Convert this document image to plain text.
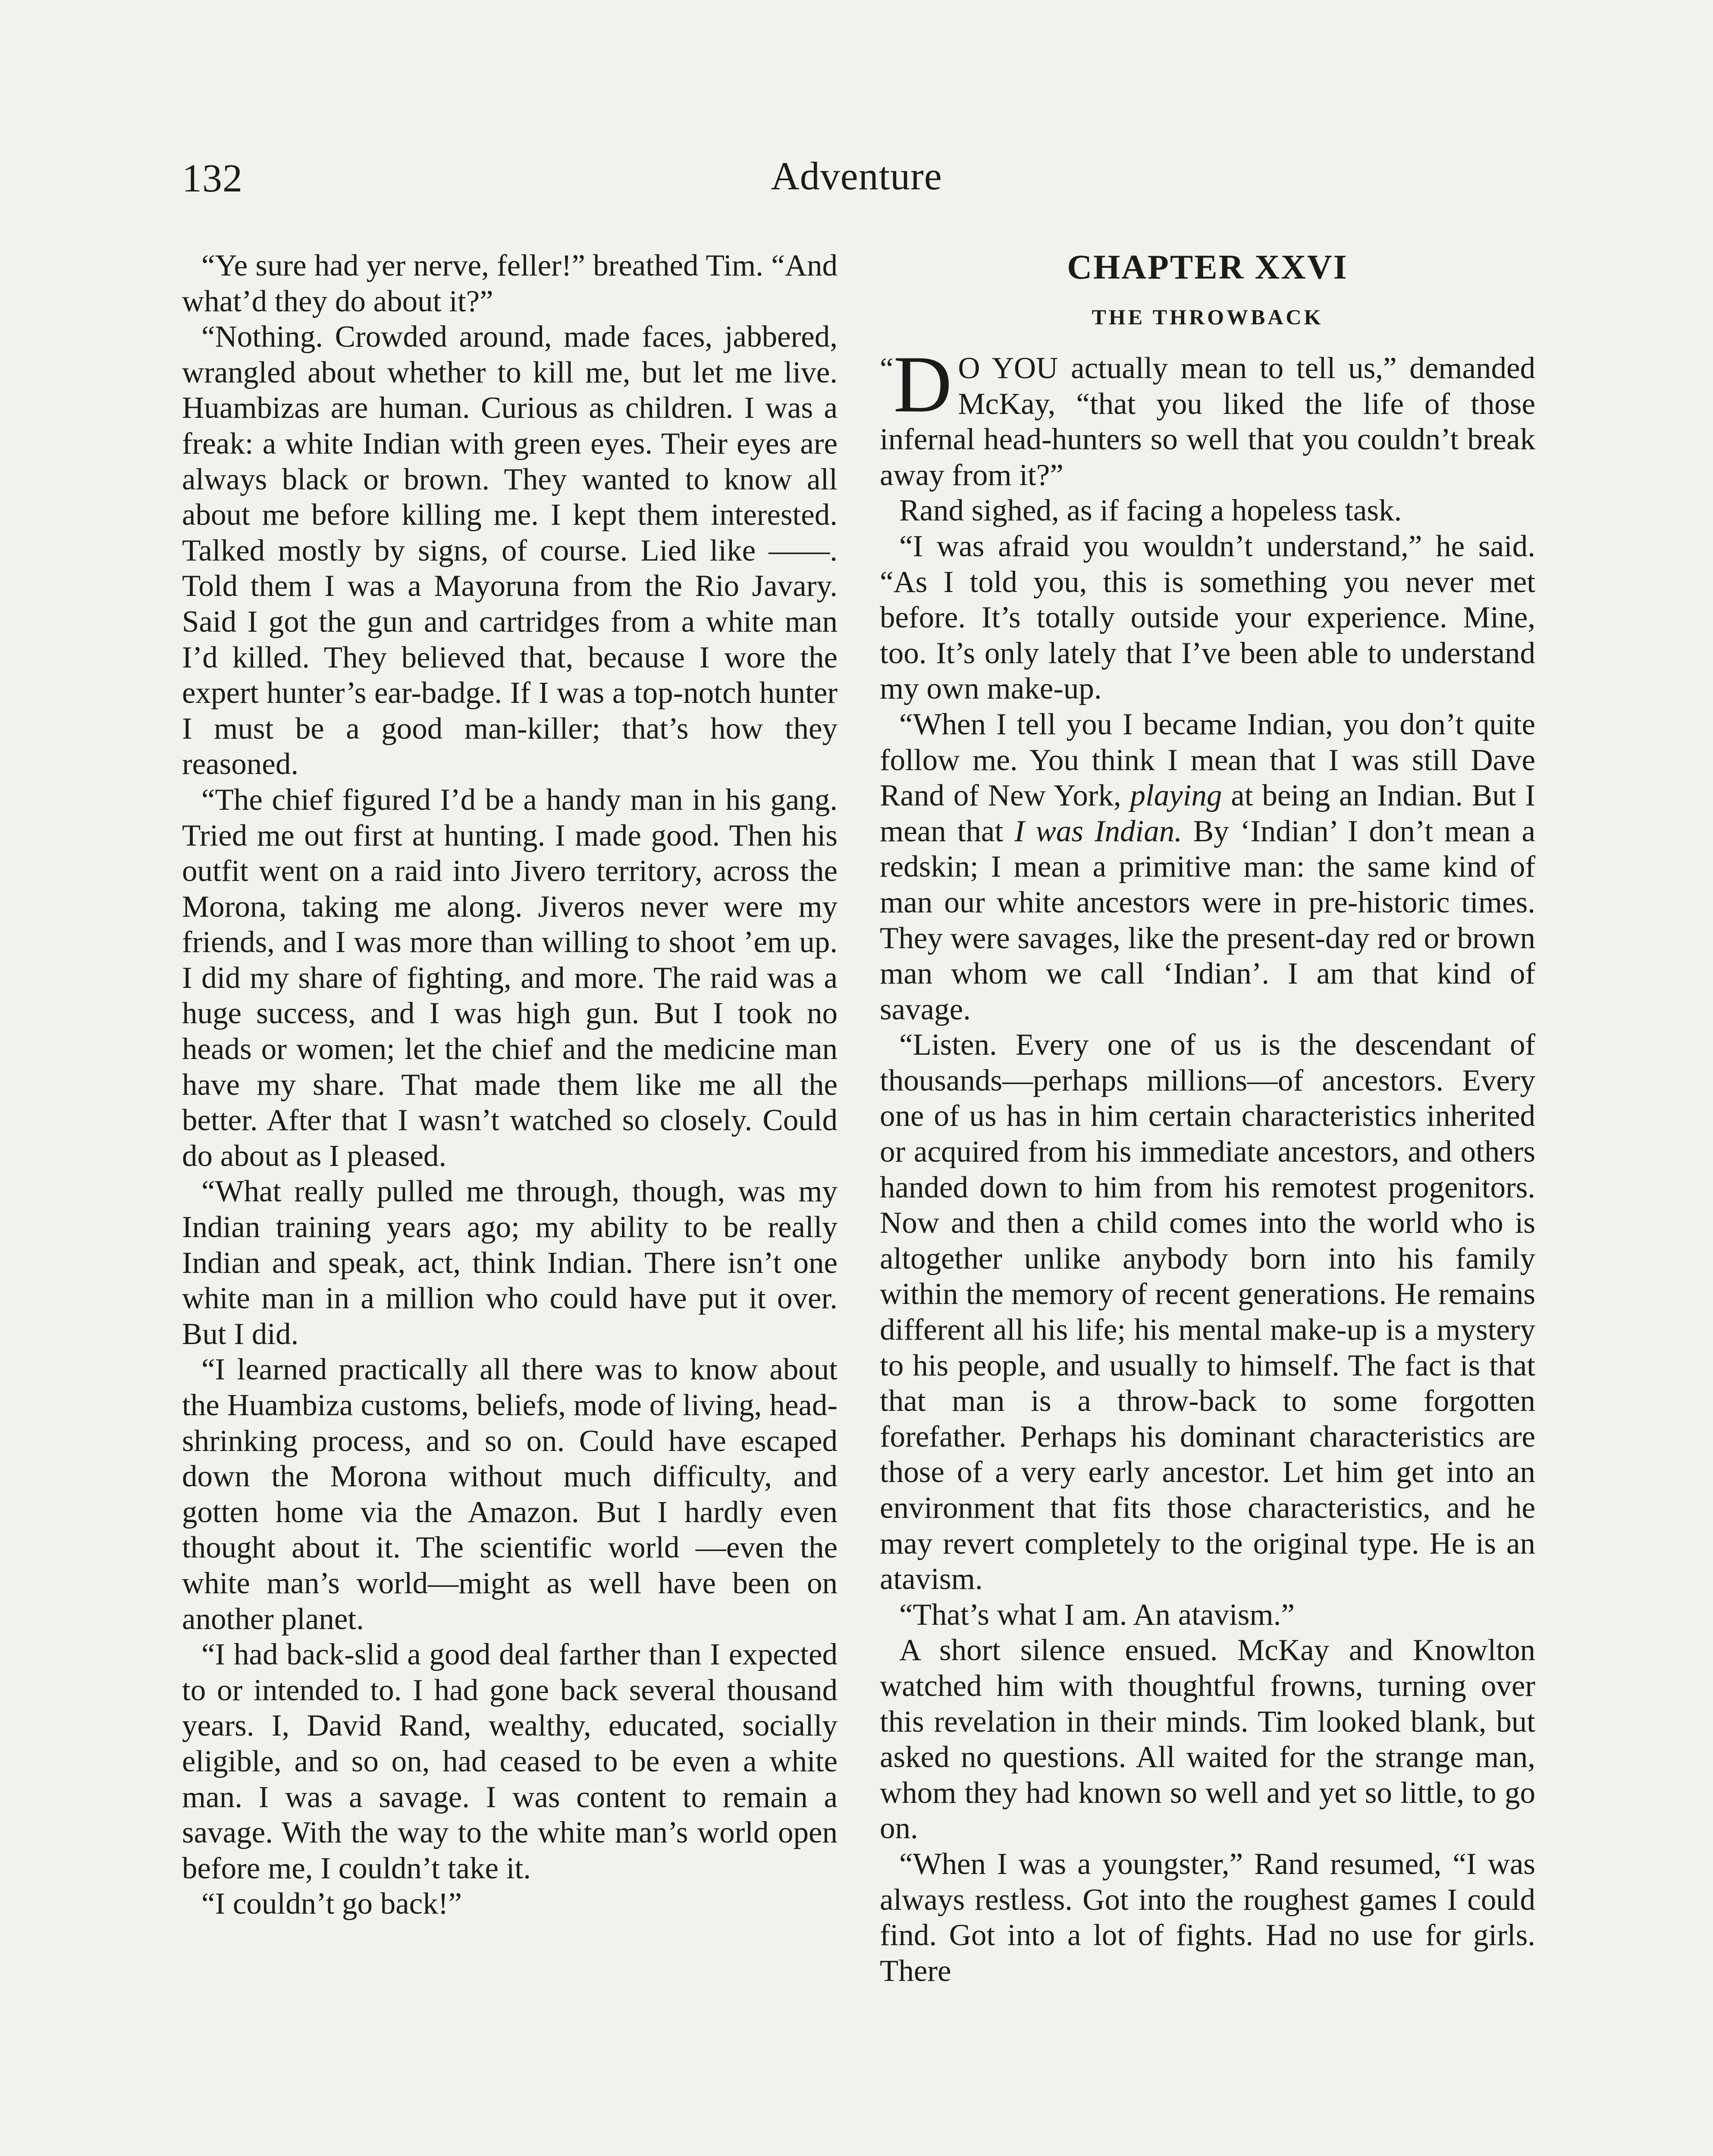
132	Adventure

“Ye sure had yer nerve, feller!” breathed Tim. “And what’d they do about it?”

“Nothing. Crowded around, made faces, jabbered, wrangled about whether to kill me, but let me live. Huambizas are human. Curious as children. I was a freak: a white Indian with green eyes. Their eyes are always black or brown. They wanted to know all about me before killing me. I kept them interested. Talked mostly by signs, of course. Lied like ——. Told them I was a Mayoruna from the Rio Javary. Said I got the gun and cartridges from a white man I’d killed. They believed that, because I wore the expert hunter’s ear-badge. If I was a top-notch hunter I must be a good man-killer; that’s how they reasoned.

“The chief figured I’d be a handy man in his gang. Tried me out first at hunting. I made good. Then his outfit went on a raid into Jivero territory, across the Morona, taking me along. Jiveros never were my friends, and I was more than willing to shoot ’em up. I did my share of fighting, and more. The raid was a huge success, and I was high gun. But I took no heads or women; let the chief and the medicine man have my share. That made them like me all the better. After that I wasn’t watched so closely. Could do about as I pleased.

“What really pulled me through, though, was my Indian training years ago; my ability to be really Indian and speak, act, think Indian. There isn’t one white man in a million who could have put it over. But I did.

“I learned practically all there was to know about the Huambiza customs, beliefs, mode of living, head-shrinking process, and so on. Could have escaped down the Morona without much difficulty, and gotten home via the Amazon. But I hardly even thought about it. The scientific world —even the white man’s world—might as well have been on another planet.

“I had back-slid a good deal farther than I expected to or intended to. I had gone back several thousand years. I, David Rand, wealthy, educated, socially eligible, and so on, had ceased to be even a white man. I was a savage. I was content to remain a savage. With the way to the white man’s world open before me, I couldn’t take it.

“I couldn’t go back!”

CHAPTER XXVI
THE THROWBACK

“D O YOU actually mean to tell us,” demanded McKay, “that you liked the life of those infernal head-hunters so well that you couldn’t break away from it?”

Rand sighed, as if facing a hopeless task.

“I was afraid you wouldn’t understand,” he said. “As I told you, this is something you never met before. It’s totally outside your experience. Mine, too. It’s only lately that I’ve been able to understand my own make-up.

“When I tell you I became Indian, you don’t quite follow me. You think I mean that I was still Dave Rand of New York, playing at being an Indian. But I mean that I was Indian. By ‘Indian’ I don’t mean a redskin; I mean a primitive man: the same kind of man our white ancestors were in pre-historic times. They were savages, like the present-day red or brown man whom we call ‘Indian’. I am that kind of savage.

“Listen. Every one of us is the descendant of thousands—perhaps millions—of ancestors. Every one of us has in him certain characteristics inherited or acquired from his immediate ancestors, and others handed down to him from his remotest progenitors. Now and then a child comes into the world who is altogether unlike anybody born into his family within the memory of recent generations. He remains different all his life; his mental make-up is a mystery to his people, and usually to himself. The fact is that that man is a throw-back to some forgotten forefather. Perhaps his dominant characteristics are those of a very early ancestor. Let him get into an environment that fits those characteristics, and he may revert completely to the original type. He is an atavism.

“That’s what I am. An atavism.”

A short silence ensued. McKay and Knowlton watched him with thoughtful frowns, turning over this revelation in their minds. Tim looked blank, but asked no questions. All waited for the strange man, whom they had known so well and yet so little, to go on.

“When I was a youngster,” Rand resumed, “I was always restless. Got into the roughest games I could find. Got into a lot of fights. Had no use for girls. There
